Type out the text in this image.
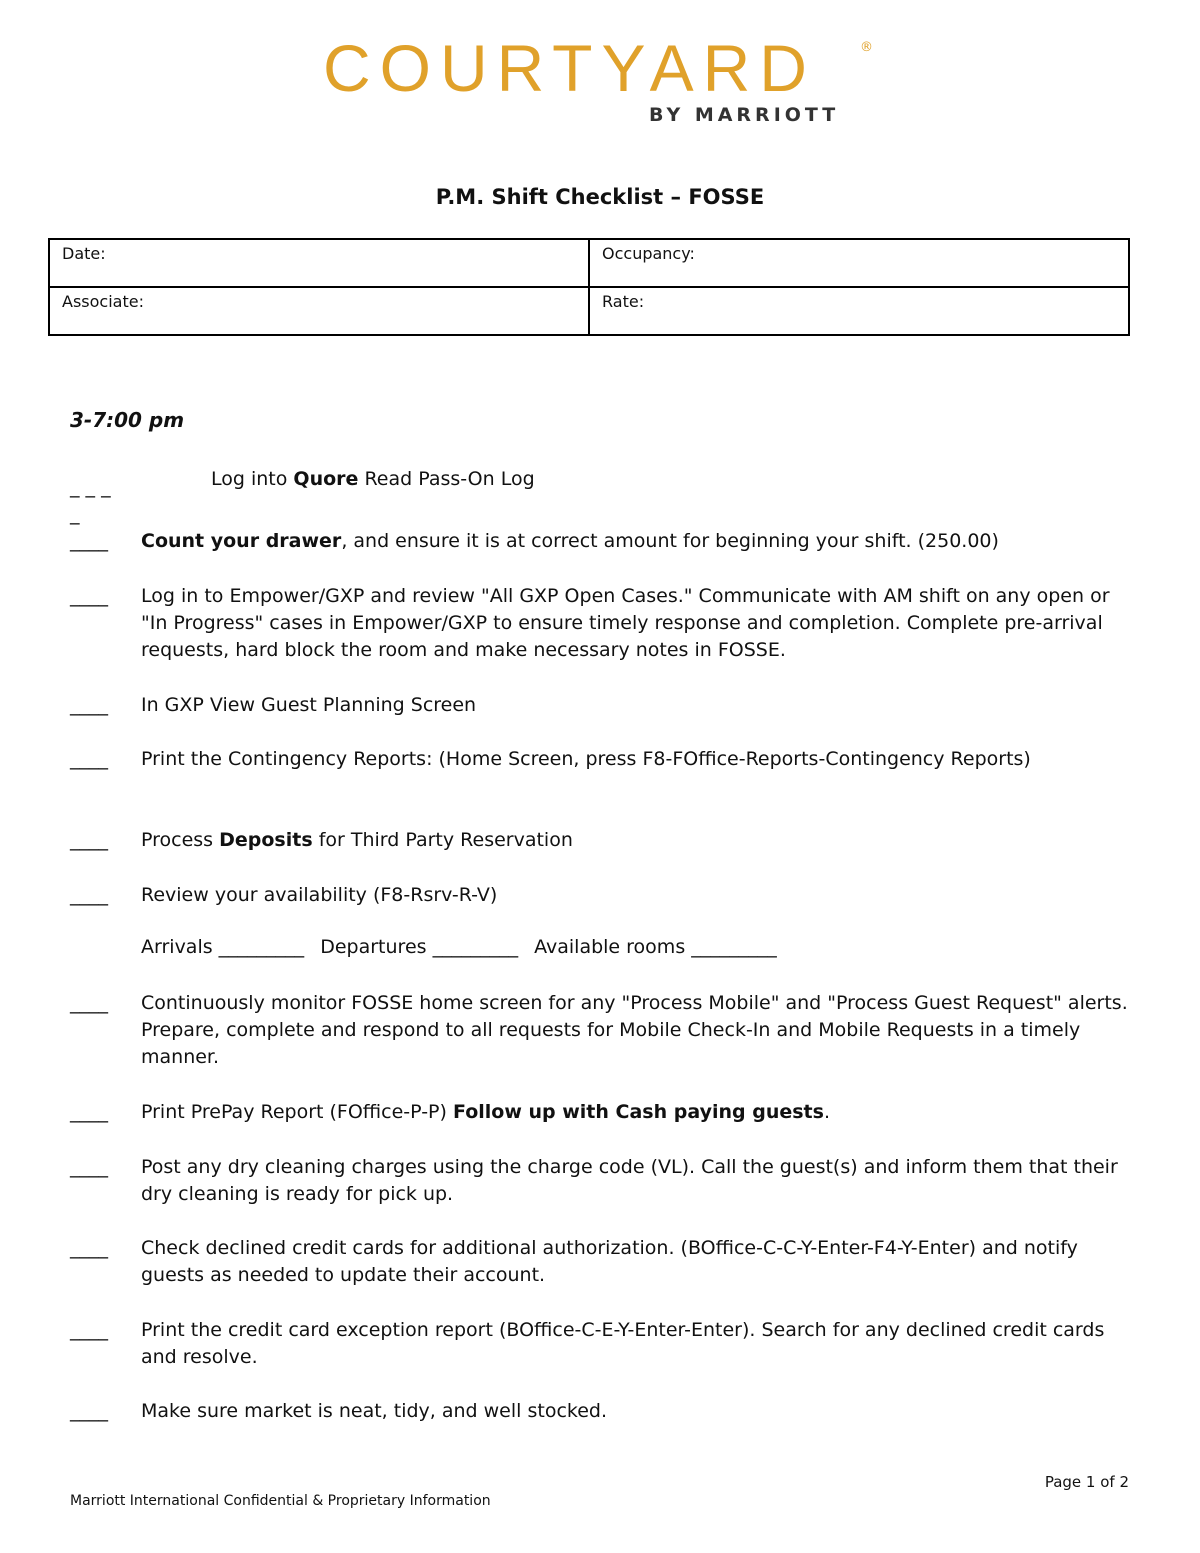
COURTYARD	®
BY MARRIOTT
P.M. Shift Checklist – FOSSE
Date:	Occupancy:
Associate:	Rate:
3-7:00 pm
_ _ _ _
Log into Quore Read Pass-On Log
____	Count your drawer, and ensure it is at correct amount for beginning your shift. (250.00)
____	Log in to Empower/GXP and review "All GXP Open Cases." Communicate with AM shift on any open or "In Progress" cases in Empower/GXP to ensure timely response and completion. Complete pre-arrival requests, hard block the room and make necessary notes in FOSSE.
____	In GXP View Guest Planning Screen
____	Print the Contingency Reports: (Home Screen, press F8-FOffice-Reports-Contingency Reports)
____	Process Deposits for Third Party Reservation
____	Review your availability (F8-Rsrv-R-V)
Arrivals _________ Departures _________ Available rooms _________
____	Continuously monitor FOSSE home screen for any "Process Mobile" and "Process Guest Request" alerts. Prepare, complete and respond to all requests for Mobile Check-In and Mobile Requests in a timely manner.
____	Print PrePay Report (FOffice-P-P) Follow up with Cash paying guests.
____	Post any dry cleaning charges using the charge code (VL). Call the guest(s) and inform them that their dry cleaning is ready for pick up.
____	Check declined credit cards for additional authorization. (BOffice-C-C-Y-Enter-F4-Y-Enter) and notify guests as needed to update their account.
____	Print the credit card exception report (BOffice-C-E-Y-Enter-Enter). Search for any declined credit cards and resolve.
____	Make sure market is neat, tidy, and well stocked.
Page 1 of 2
Marriott International Confidential & Proprietary Information
